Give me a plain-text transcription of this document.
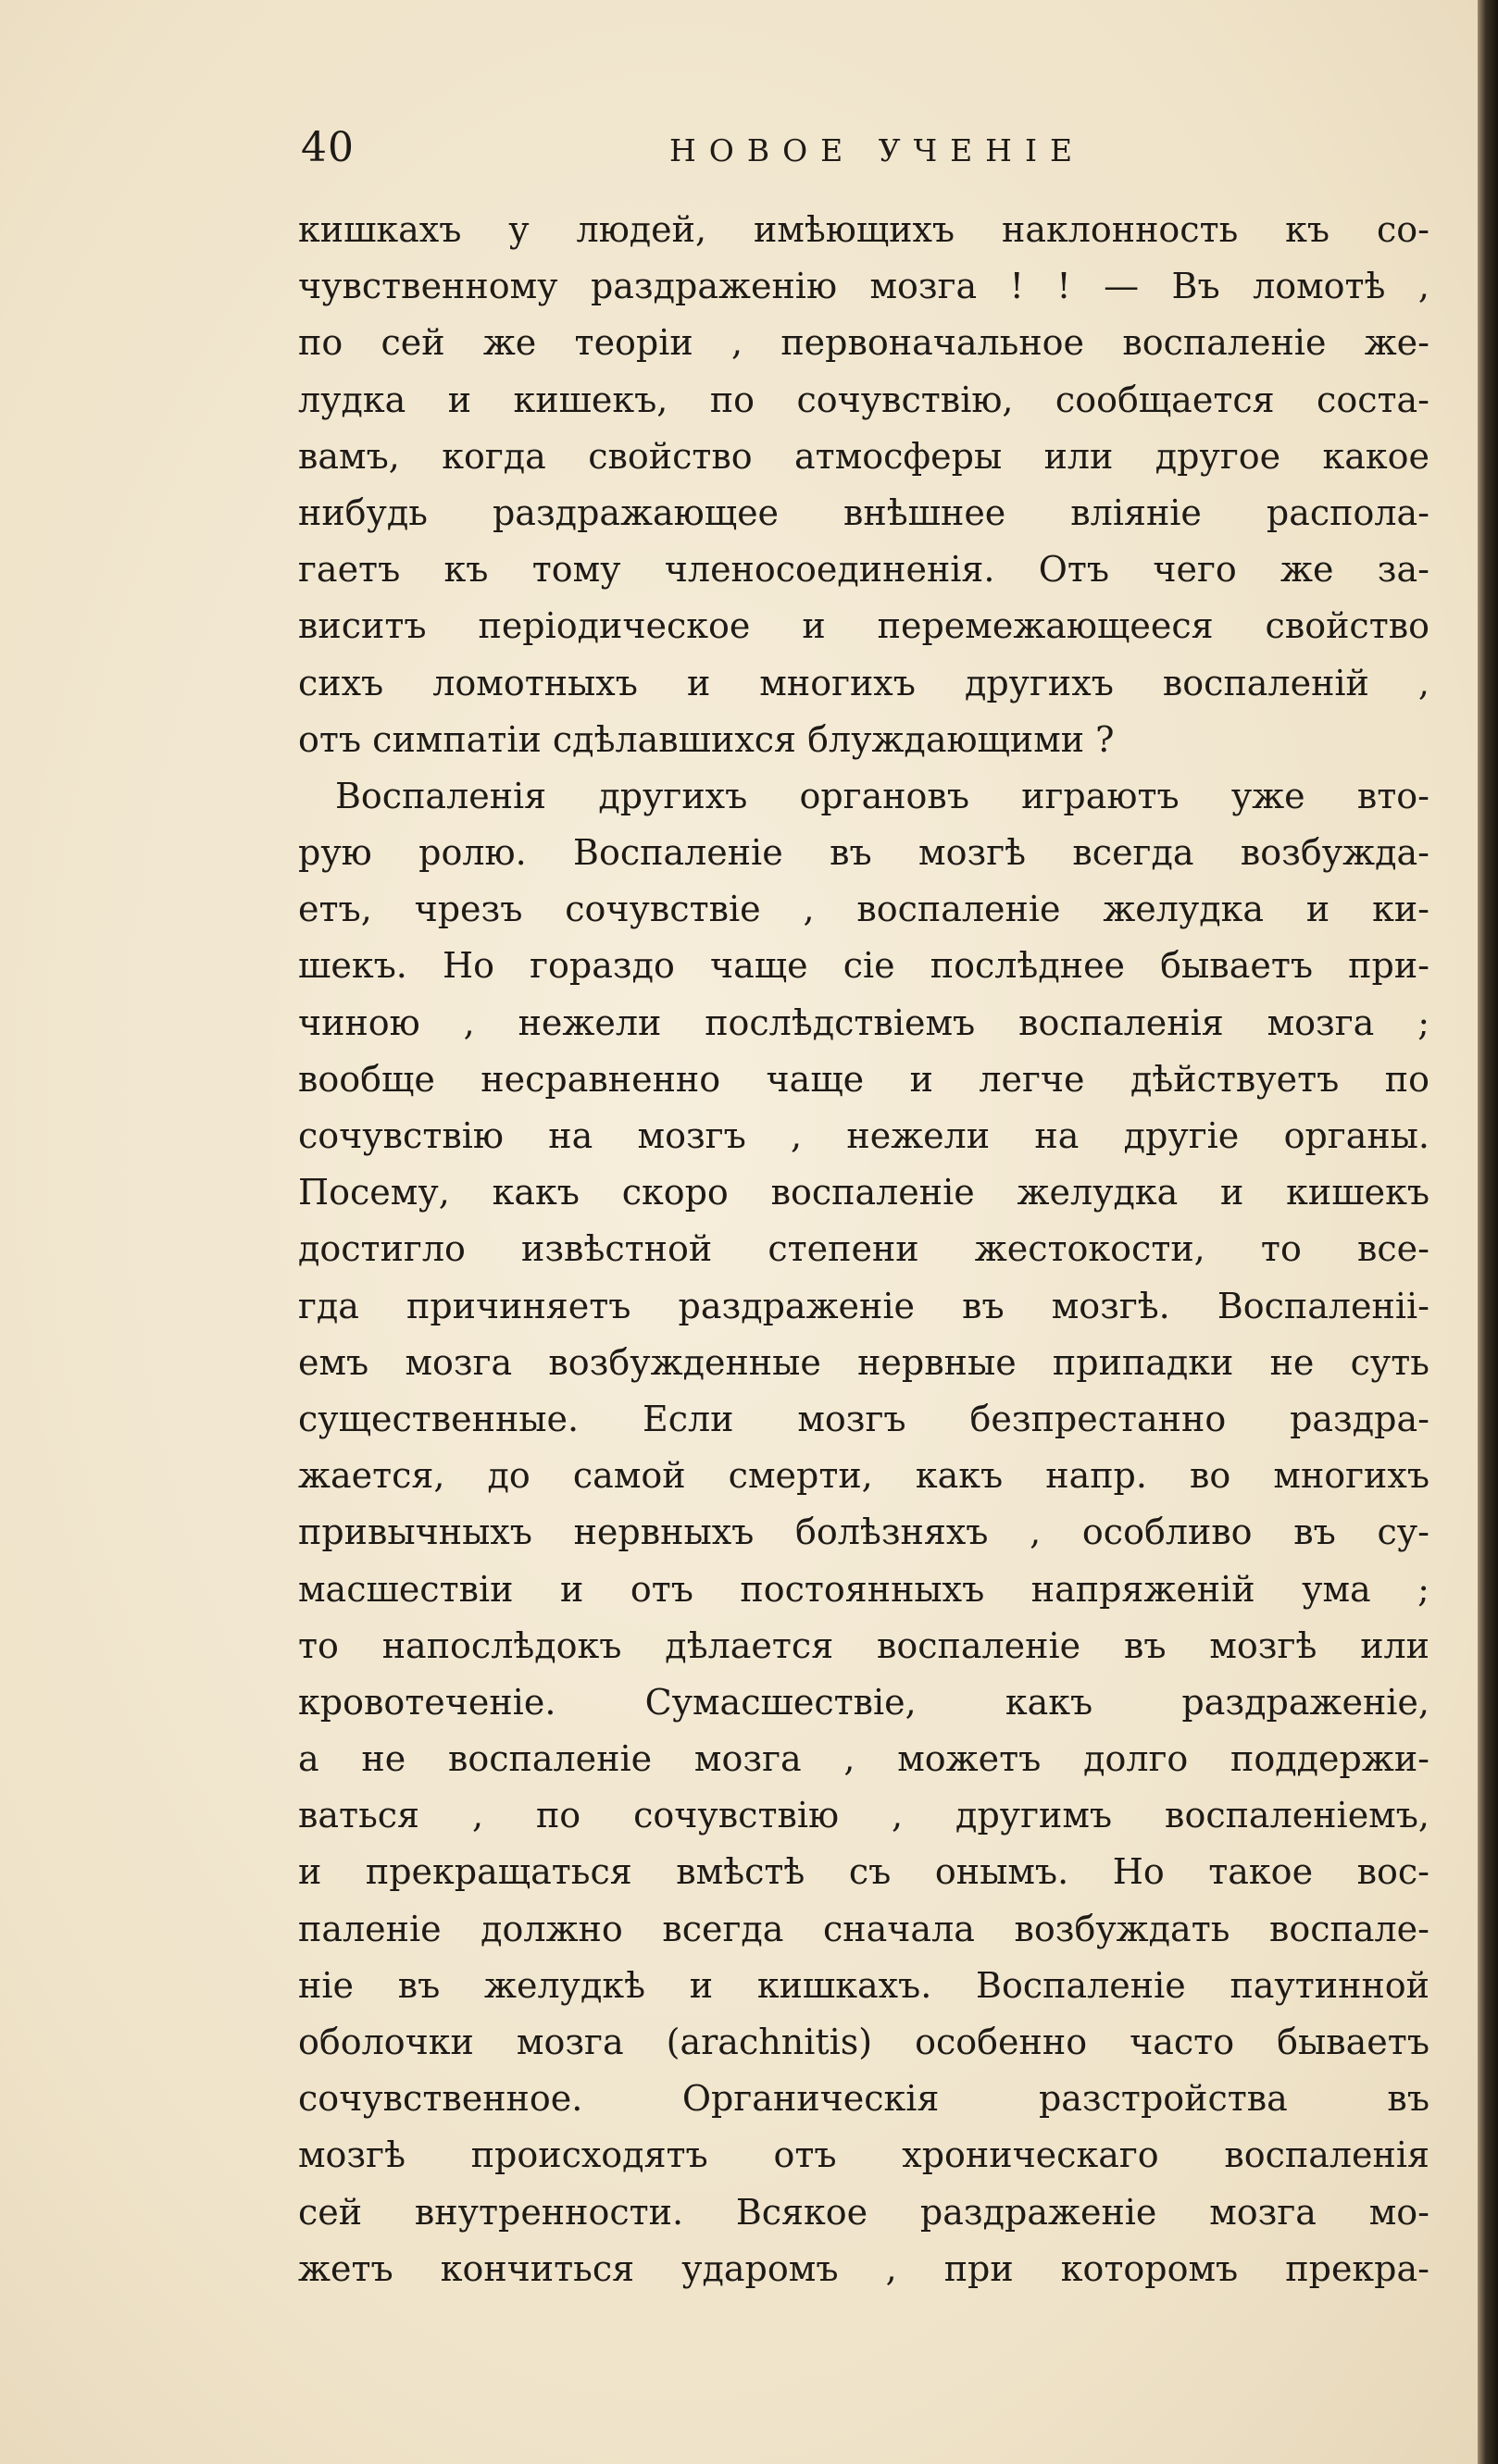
40	НОВОЕ УЧЕНІЕ
кишкахъ у людей, имѣющихъ наклонность къ со-
чувственному раздраженію мозга ! ! — Въ ломотѣ ,
по сей же теоріи , первоначальное воспаленіе же-
лудка и кишекъ, по сочувствію, сообщается соста-
вамъ, когда свойство атмосферы или другое какое
нибудь раздражающее внѣшнее вліяніе распола-
гаетъ къ тому членосоединенія. Отъ чего же за-
виситъ періодическое и перемежающееся свойство
сихъ ломотныхъ и многихъ другихъ воспаленій ,
отъ симпатіи сдѣлавшихся блуждающими ?
Воспаленія другихъ органовъ играютъ уже вто-
рую ролю. Воспаленіе въ мозгѣ всегда возбужда-
етъ, чрезъ сочувствіе , воспаленіе желудка и ки-
шекъ. Но гораздо чаще сіе послѣднее бываетъ при-
чиною , нежели послѣдствіемъ воспаленія мозга ;
вообще несравненно чаще и легче дѣйствуетъ по
сочувствію на мозгъ , нежели на другіе органы.
Посему, какъ скоро воспаленіе желудка и кишекъ
достигло извѣстной степени жестокости, то все-
гда причиняетъ раздраженіе въ мозгѣ. Воспаленіі-
емъ мозга возбужденные нервные припадки не суть
существенные. Если мозгъ безпрестанно раздра-
жается, до самой смерти, какъ напр. во многихъ
привычныхъ нервныхъ болѣзняхъ , особливо въ су-
масшествіи и отъ постоянныхъ напряженій ума ;
то напослѣдокъ дѣлается воспаленіе въ мозгѣ или
кровотеченіе. Сумасшествіе, какъ раздраженіе,
а не воспаленіе мозга , можетъ долго поддержи-
ваться , по сочувствію , другимъ воспаленіемъ,
и прекращаться вмѣстѣ съ онымъ. Но такое вос-
паленіе должно всегда сначала возбуждать воспале-
ніе въ желудкѣ и кишкахъ. Воспаленіе паутинной
оболочки мозга (arachnitis) особенно часто бываетъ
сочувственное. Органическія разстройства въ
мозгѣ происходятъ отъ хроническаго воспаленія
сей внутренности. Всякое раздраженіе мозга мо-
жетъ кончиться ударомъ , при которомъ прекра-
